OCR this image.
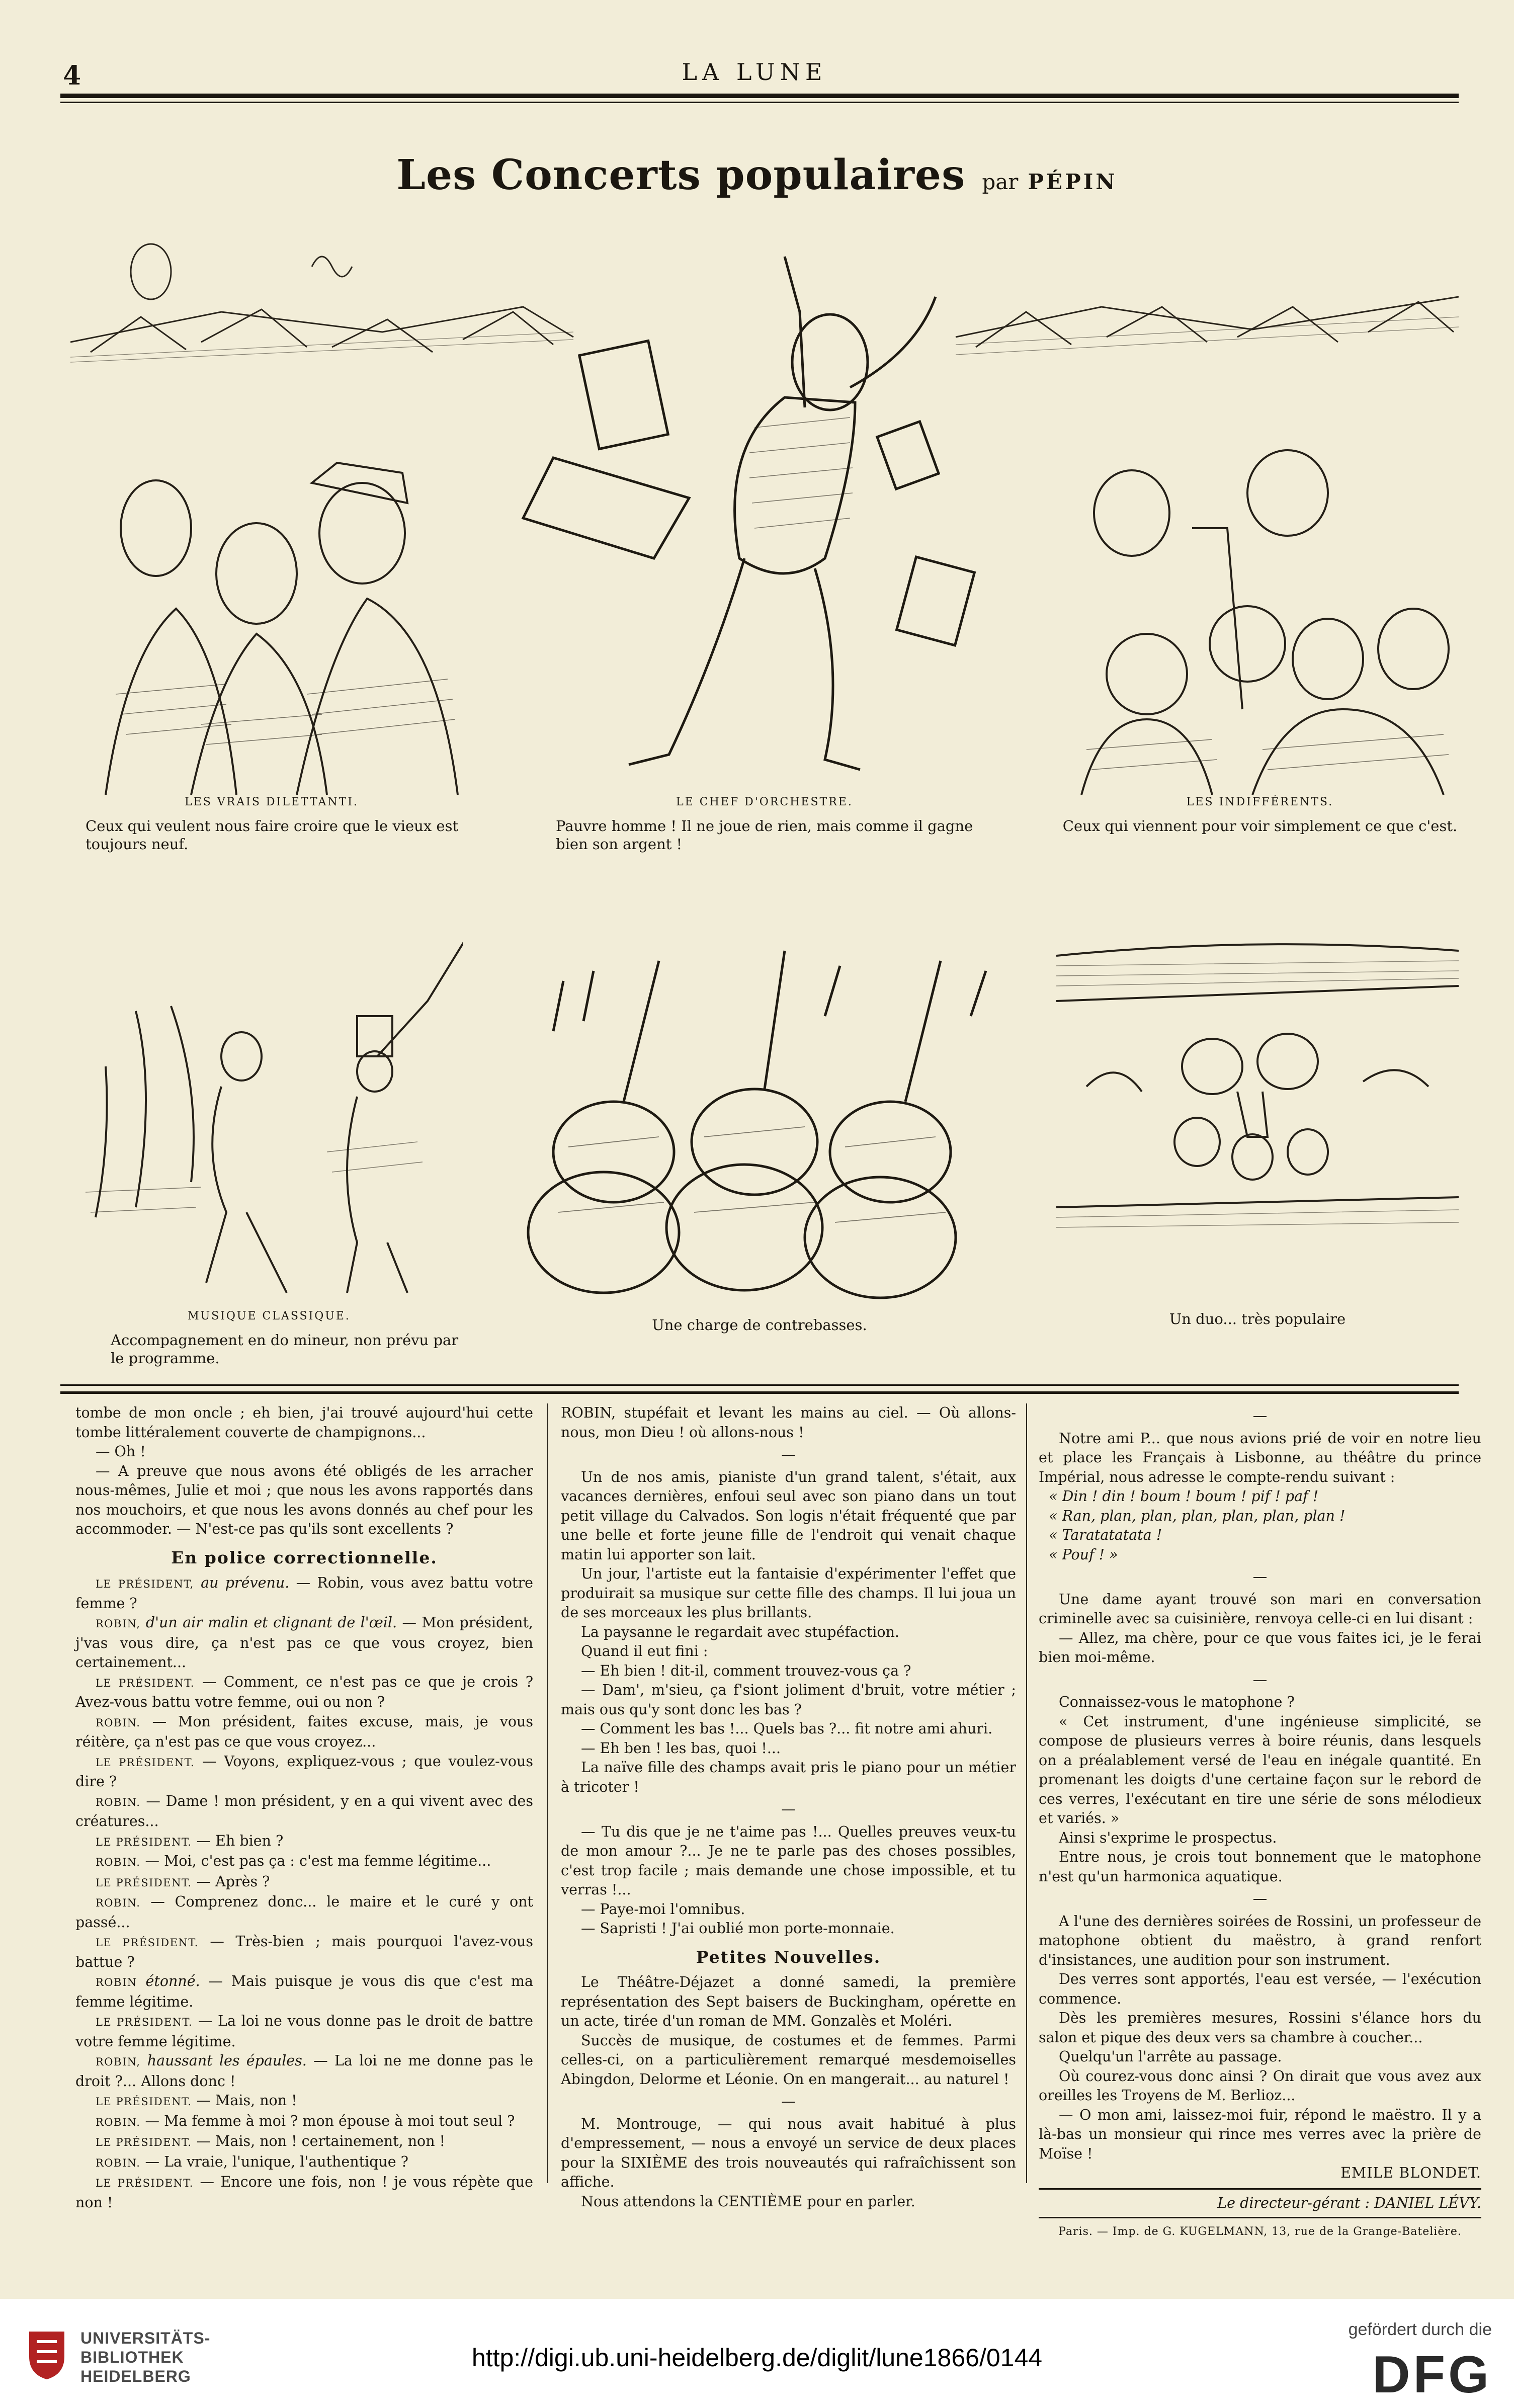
4	LA LUNE
Les Concerts populaires par PÉPIN
LES VRAIS DILETTANTI.
Ceux qui veulent nous faire croire que le vieux est toujours neuf.
LE CHEF D'ORCHESTRE.
Pauvre homme ! Il ne joue de rien, mais comme il gagne bien son argent !
LES INDIFFÉRENTS.
Ceux qui viennent pour voir simplement ce que c'est.
MUSIQUE CLASSIQUE.
Accompagnement en do mineur, non prévu par le programme.
Une charge de contrebasses.	Un duo... très populaire

tombe de mon oncle ; eh bien, j'ai trouvé aujourd'hui cette tombe littéralement couverte de champignons...

— Oh !

— A preuve que nous avons été obligés de les arracher nous-mêmes, Julie et moi ; que nous les avons rapportés dans nos mouchoirs, et que nous les avons donnés au chef pour les accommoder. — N'est-ce pas qu'ils sont excellents ?

En police correctionnelle.

LE PRÉSIDENT, au prévenu. — Robin, vous avez battu votre femme ?

ROBIN, d'un air malin et clignant de l'œil. — Mon président, j'vas vous dire, ça n'est pas ce que vous croyez, bien certainement...

LE PRÉSIDENT. — Comment, ce n'est pas ce que je crois ? Avez-vous battu votre femme, oui ou non ?

ROBIN. — Mon président, faites excuse, mais, je vous réitère, ça n'est pas ce que vous croyez...

LE PRÉSIDENT. — Voyons, expliquez-vous ; que voulez-vous dire ?

ROBIN. — Dame ! mon président, y en a qui vivent avec des créatures...

LE PRÉSIDENT. — Eh bien ?

ROBIN. — Moi, c'est pas ça : c'est ma femme légitime...

LE PRÉSIDENT. — Après ?

ROBIN. — Comprenez donc... le maire et le curé y ont passé...

LE PRÉSIDENT. — Très-bien ; mais pourquoi l'avez-vous battue ?

ROBIN étonné. — Mais puisque je vous dis que c'est ma femme légitime.

LE PRÉSIDENT. — La loi ne vous donne pas le droit de battre votre femme légitime.

ROBIN, haussant les épaules. — La loi ne me donne pas le droit ?... Allons donc !

LE PRÉSIDENT. — Mais, non !

ROBIN. — Ma femme à moi ? mon épouse à moi tout seul ?

LE PRÉSIDENT. — Mais, non ! certainement, non !

ROBIN. — La vraie, l'unique, l'authentique ?

LE PRÉSIDENT. — Encore une fois, non ! je vous répète que non !

ROBIN, stupéfait et levant les mains au ciel. — Où allons-nous, mon Dieu ! où allons-nous !

—

Un de nos amis, pianiste d'un grand talent, s'était, aux vacances dernières, enfoui seul avec son piano dans un tout petit village du Calvados. Son logis n'était fréquenté que par une belle et forte jeune fille de l'endroit qui venait chaque matin lui apporter son lait.

Un jour, l'artiste eut la fantaisie d'expérimenter l'effet que produirait sa musique sur cette fille des champs. Il lui joua un de ses morceaux les plus brillants.

La paysanne le regardait avec stupéfaction.

Quand il eut fini :

— Eh bien ! dit-il, comment trouvez-vous ça ?

— Dam', m'sieu, ça f'siont joliment d'bruit, votre métier ; mais ous qu'y sont donc les bas ?

— Comment les bas !... Quels bas ?... fit notre ami ahuri.

— Eh ben ! les bas, quoi !...

La naïve fille des champs avait pris le piano pour un métier à tricoter !

—

— Tu dis que je ne t'aime pas !... Quelles preuves veux-tu de mon amour ?... Je ne te parle pas des choses possibles, c'est trop facile ; mais demande une chose impossible, et tu verras !...

— Paye-moi l'omnibus.

— Sapristi ! J'ai oublié mon porte-monnaie.

Petites Nouvelles.

Le Théâtre-Déjazet a donné samedi, la première représentation des Sept baisers de Buckingham, opérette en un acte, tirée d'un roman de MM. Gonzalès et Moléri.

Succès de musique, de costumes et de femmes. Parmi celles-ci, on a particulièrement remarqué mesdemoiselles Abingdon, Delorme et Léonie. On en mangerait... au naturel !

—

M. Montrouge, — qui nous avait habitué à plus d'empressement, — nous a envoyé un service de deux places pour la SIXIÈME des trois nouveautés qui rafraîchissent son affiche.

Nous attendons la CENTIÈME pour en parler.

—

Notre ami P... que nous avions prié de voir en notre lieu et place les Français à Lisbonne, au théâtre du prince Impérial, nous adresse le compte-rendu suivant :

« Din ! din ! boum ! boum ! pif ! paf !

« Ran, plan, plan, plan, plan, plan, plan !

« Taratatatata !

« Pouf ! »

—

Une dame ayant trouvé son mari en conversation criminelle avec sa cuisinière, renvoya celle-ci en lui disant :

— Allez, ma chère, pour ce que vous faites ici, je le ferai bien moi-même.

—

Connaissez-vous le matophone ?

« Cet instrument, d'une ingénieuse simplicité, se compose de plusieurs verres à boire réunis, dans lesquels on a préalablement versé de l'eau en inégale quantité. En promenant les doigts d'une certaine façon sur le rebord de ces verres, l'exécutant en tire une série de sons mélodieux et variés. »

Ainsi s'exprime le prospectus.

Entre nous, je crois tout bonnement que le matophone n'est qu'un harmonica aquatique.

—

A l'une des dernières soirées de Rossini, un professeur de matophone obtient du maëstro, à grand renfort d'insistances, une audition pour son instrument.

Des verres sont apportés, l'eau est versée, — l'exécution commence.

Dès les premières mesures, Rossini s'élance hors du salon et pique des deux vers sa chambre à coucher...

Quelqu'un l'arrête au passage.

Où courez-vous donc ainsi ? On dirait que vous avez aux oreilles les Troyens de M. Berlioz...

— O mon ami, laissez-moi fuir, répond le maëstro. Il y a là-bas un monsieur qui rince mes verres avec la prière de Moïse !

EMILE BLONDET.

Le directeur-gérant : DANIEL LÉVY.

Paris. — Imp. de G. KUGELMANN, 13, rue de la Grange-Batelière.

UNIVERSITÄTS-
BIBLIOTHEK
HEIDELBERG
http://digi.ub.uni-heidelberg.de/diglit/lune1866/0144
gefördert durch die
DFG
